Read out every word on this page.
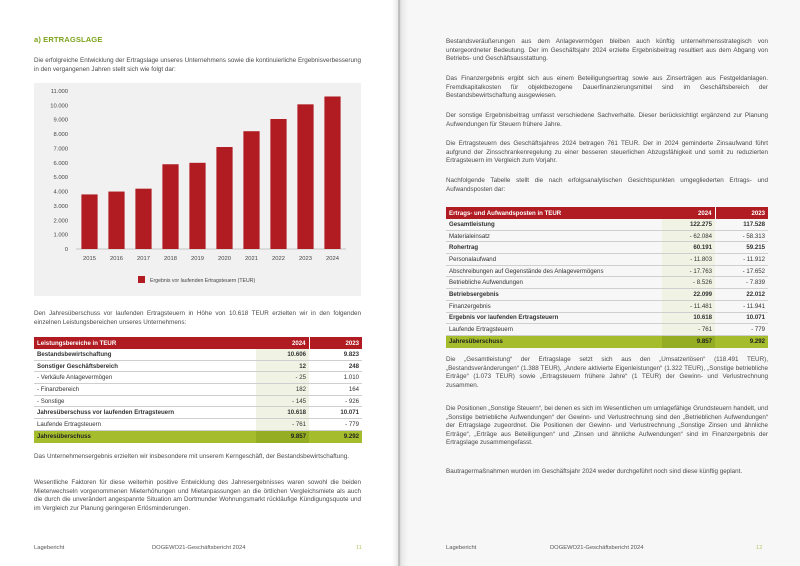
a) ERTRAGSLAGE
Die erfolgreiche Entwicklung der Ertragslage unseres Unternehmens sowie die kontinuierliche Ergebnisverbesserung in den vergangenen Jahren stellt sich wie folgt dar:
0
1.000
2.000
3.000
4.000
5.000
6.000
7.000
8.000
9.000
10.000
11.000
2015 2016 2017 2018 2019 2020 2021 2022 2023 2024
Ergebnis vor laufenden Ertragsteuern (TEUR)
Den Jahresüberschuss vor laufenden Ertragsteuern in Höhe von 10.618 TEUR erzielten wir in den folgenden einzelnen Leistungsbereichen unseres Unternehmens:
Leistungsbereiche in TEUR	2024	2023
Bestandsbewirtschaftung	10.606	9.823
Sonstiger Geschäftsbereich	12	248
- Verkäufe Anlagevermögen	- 25	1.010
- Finanzbereich	182	164
- Sonstige	- 145	- 926
Jahresüberschuss vor laufenden Ertragsteuern	10.618	10.071
Laufende Ertragsteuern	- 761	- 779
Jahresüberschuss	9.857	9.292
Das Unternehmensergebnis erzielten wir insbesondere mit unserem Kerngeschäft, der Bestandsbewirtschaftung.
Wesentliche Faktoren für diese weiterhin positive Entwicklung des Jahresergebnisses waren sowohl die beiden Mieterwechseln vorgenommenen Mieterhöhungen und Mietanpassungen an die örtlichen Vergleichsmiete als auch die durch die unverändert angespannte Situation am Dortmunder Wohnungsmarkt rückläufige Kündigungsquote und im Vergleich zur Planung geringeren Erlösminderungen.
Lagebericht	DOGEWO21-Geschäftsbericht 2024	11
Bestandsveräußerungen aus dem Anlagevermögen bleiben auch künftig unternehmensstrategisch von untergeordneter Bedeutung. Der im Geschäftsjahr 2024 erzielte Ergebnisbeitrag resultiert aus dem Abgang von Betriebs- und Geschäftsausstattung.
Das Finanzergebnis ergibt sich aus einem Beteiligungsertrag sowie aus Zinserträgen aus Festgeldanlagen. Fremdkapitalkosten für objektbezogene Dauerfinanzierungsmittel sind im Geschäftsbereich der Bestandsbewirtschaftung ausgewiesen.
Der sonstige Ergebnisbeitrag umfasst verschiedene Sachverhalte. Dieser berücksichtigt ergänzend zur Planung Aufwendungen für Steuern frühere Jahre.
Die Ertragsteuern des Geschäftsjahres 2024 betragen 761 TEUR. Der in 2024 geminderte Zinsaufwand führt aufgrund der Zinsschrankenregelung zu einer besseren steuerlichen Abzugsfähigkeit und somit zu reduzierten Ertragsteuern im Vergleich zum Vorjahr.
Nachfolgende Tabelle stellt die nach erfolgsanalytischen Gesichtspunkten umgegliederten Ertrags- und Aufwandsposten dar:
Ertrags- und Aufwandsposten in TEUR	2024	2023
Gesamtleistung	122.275	117.528
Materialeinsatz	- 62.084	- 58.313
Rohertrag	60.191	59.215
Personalaufwand	- 11.803	- 11.912
Abschreibungen auf Gegenstände des Anlagevermögens	- 17.763	- 17.652
Betriebliche Aufwendungen	- 8.526	- 7.839
Betriebsergebnis	22.099	22.012
Finanzergebnis	- 11.481	- 11.941
Ergebnis vor laufenden Ertragsteuern	10.618	10.071
Laufende Ertragsteuern	- 761	- 779
Jahresüberschuss	9.857	9.292
Die „Gesamtleistung“ der Ertragslage setzt sich aus den „Umsatzerlösen“ (118.491 TEUR), „Bestandsveränderungen“ (1.388 TEUR), „Andere aktivierte Eigenleistungen“ (1.322 TEUR), „Sonstige betriebliche Erträge“ (1.073 TEUR) sowie „Ertragsteuern frühere Jahre“ (1 TEUR) der Gewinn- und Verlustrechnung zusammen.
Die Positionen „Sonstige Steuern“, bei denen es sich im Wesentlichen um umlagefähige Grundsteuern handelt, und „Sonstige betriebliche Aufwendungen“ der Gewinn- und Verlustrechnung sind den „Betrieblichen Aufwendungen“ der Ertragslage zugeordnet. Die Positionen der Gewinn- und Verlustrechnung „Sonstige Zinsen und ähnliche Erträge“, „Erträge aus Beteiligungen“ und „Zinsen und ähnliche Aufwendungen“ sind im Finanzergebnis der Ertragslage zusammengefasst.
Bautragermaßnahmen wurden im Geschäftsjahr 2024 weder durchgeführt noch sind diese künftig geplant.
Lagebericht	DOGEWO21-Geschäftsbericht 2024	12
